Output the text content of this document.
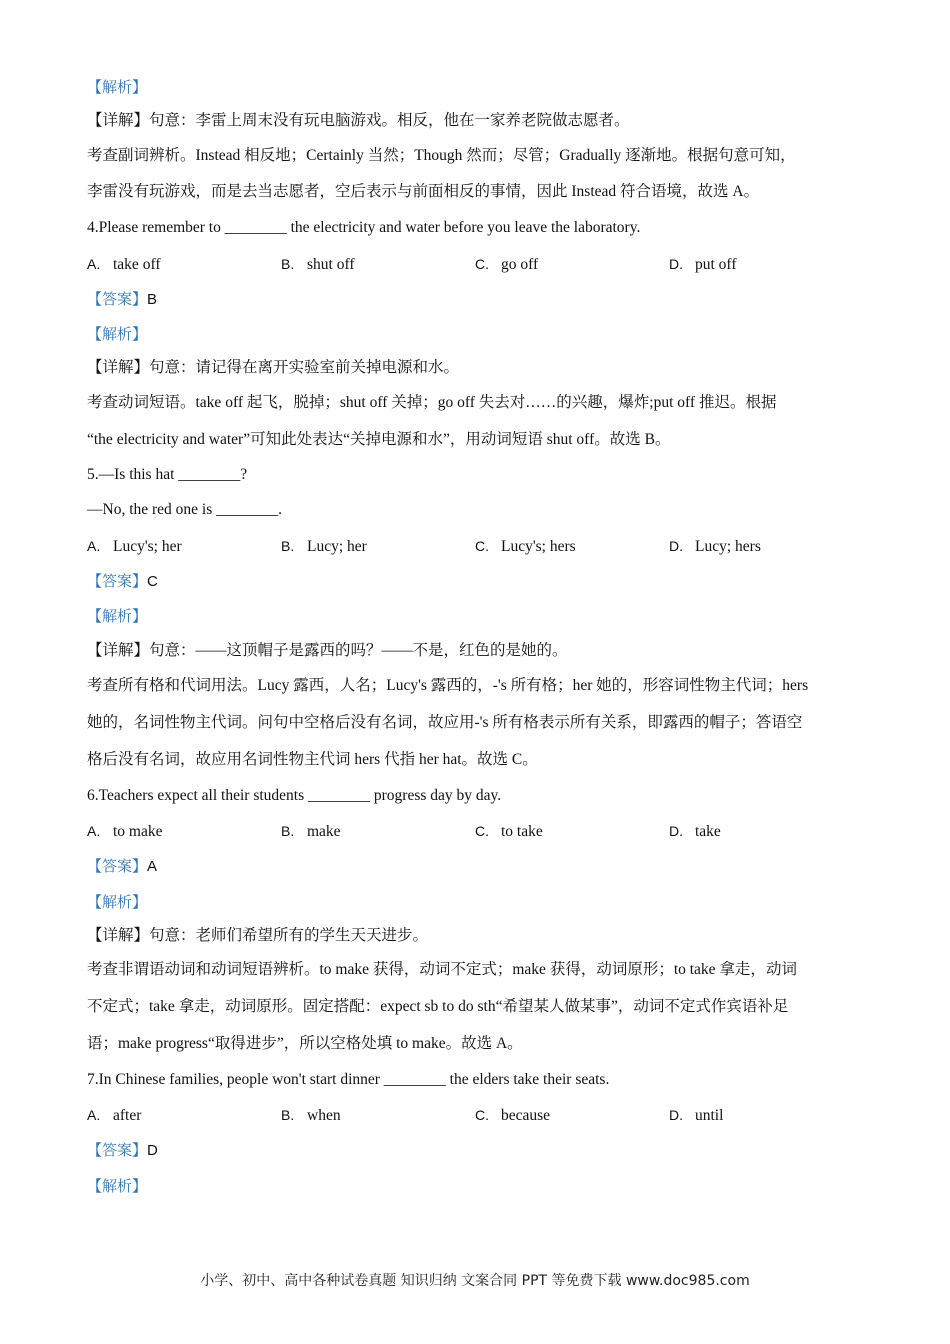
【解析】
【详解】句意：李雷上周末没有玩电脑游戏。相反，他在一家养老院做志愿者。
考查副词辨析。Instead 相反地；Certainly 当然；Though 然而；尽管；Gradually 逐渐地。根据句意可知，
李雷没有玩游戏，而是去当志愿者，空后表示与前面相反的事情，因此 Instead 符合语境，故选 A。
4.Please remember to ________ the electricity and water before you leave the laboratory.
A. take off	B. shut off	C. go off	D. put off
【答案】B
【解析】
【详解】句意：请记得在离开实验室前关掉电源和水。
考查动词短语。take off 起飞，脱掉；shut off 关掉；go off 失去对……的兴趣，爆炸;put off 推迟。根据
“the electricity and water”可知此处表达“关掉电源和水”，用动词短语 shut off。故选 B。
5.—Is this hat ________?
—No, the red one is ________.
A. Lucy's; her	B. Lucy; her	C. Lucy's; hers	D. Lucy; hers
【答案】C
【解析】
【详解】句意：——这顶帽子是露西的吗？——不是，红色的是她的。
考查所有格和代词用法。Lucy 露西，人名；Lucy's 露西的，-'s 所有格；her 她的，形容词性物主代词；hers
她的，名词性物主代词。问句中空格后没有名词，故应用-'s 所有格表示所有关系，即露西的帽子；答语空
格后没有名词，故应用名词性物主代词 hers 代指 her hat。故选 C。
6.Teachers expect all their students ________ progress day by day.
A. to make	B. make	C. to take	D. take
【答案】A
【解析】
【详解】句意：老师们希望所有的学生天天进步。
考查非谓语动词和动词短语辨析。to make 获得，动词不定式；make 获得，动词原形；to take 拿走，动词
不定式；take 拿走，动词原形。固定搭配：expect sb to do sth“希望某人做某事”，动词不定式作宾语补足
语；make progress“取得进步”，所以空格处填 to make。故选 A。
7.In Chinese families, people won't start dinner ________ the elders take their seats.
A. after	B. when	C. because	D. until
【答案】D
【解析】
小学、初中、高中各种试卷真题 知识归纳 文案合同 PPT 等免费下载 www.doc985.com
